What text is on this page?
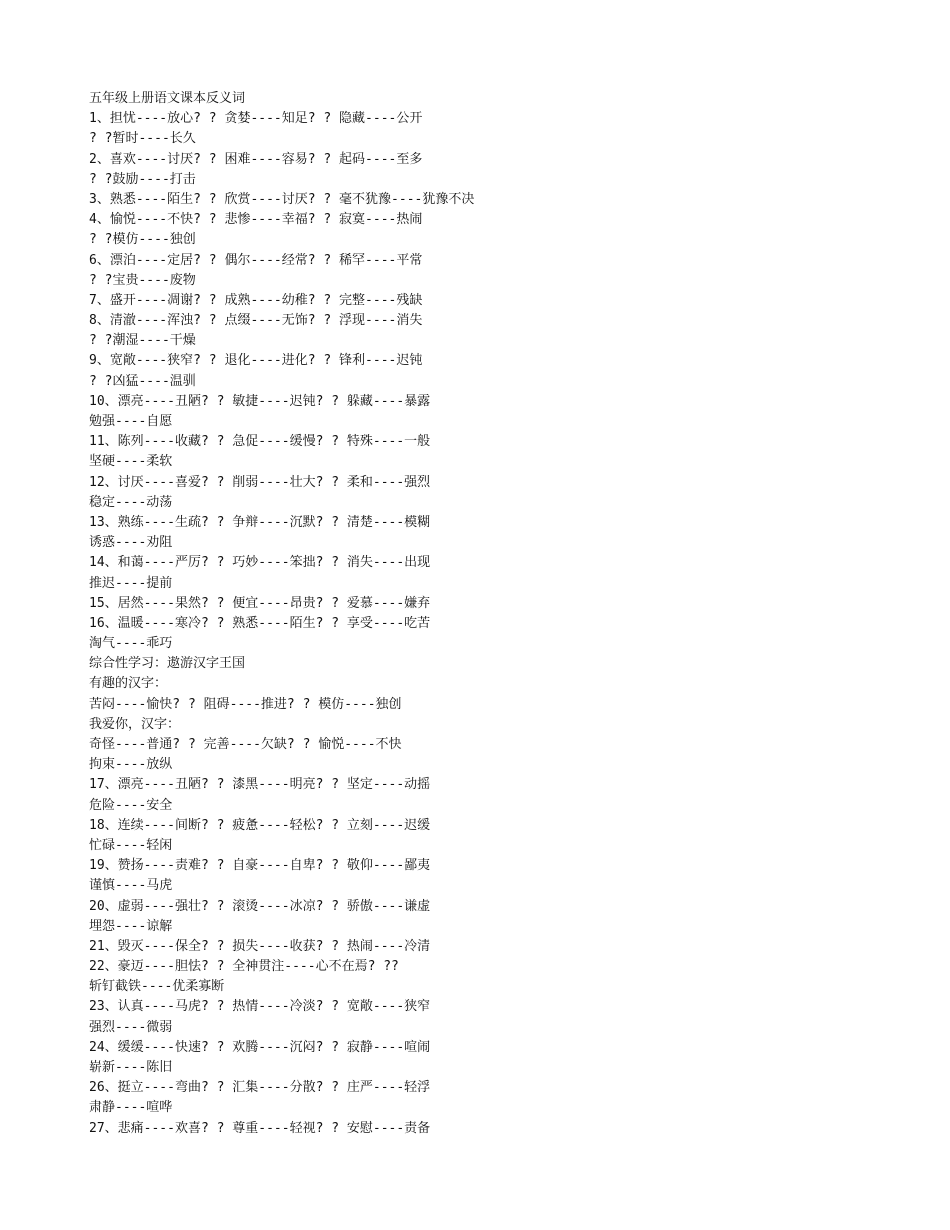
五年级上册语文课本反义词
1、担忧----放心? ? 贪婪----知足? ? 隐藏----公开
? ?暂时----长久
2、喜欢----讨厌? ? 困难----容易? ? 起码----至多
? ?鼓励----打击
3、熟悉----陌生? ? 欣赏----讨厌? ? 毫不犹豫----犹豫不决
4、愉悦----不快? ? 悲惨----幸福? ? 寂寞----热闹
? ?模仿----独创
6、漂泊----定居? ? 偶尔----经常? ? 稀罕----平常
? ?宝贵----废物
7、盛开----凋谢? ? 成熟----幼稚? ? 完整----残缺
8、清澈----浑浊? ? 点缀----无饰? ? 浮现----消失
? ?潮湿----干燥
9、宽敞----狭窄? ? 退化----进化? ? 锋利----迟钝
? ?凶猛----温驯
10、漂亮----丑陋? ? 敏捷----迟钝? ? 躲藏----暴露
勉强----自愿
11、陈列----收藏? ? 急促----缓慢? ? 特殊----一般
坚硬----柔软
12、讨厌----喜爱? ? 削弱----壮大? ? 柔和----强烈
稳定----动荡
13、熟练----生疏? ? 争辩----沉默? ? 清楚----模糊
诱惑----劝阻
14、和蔼----严厉? ? 巧妙----笨拙? ? 消失----出现
推迟----提前
15、居然----果然? ? 便宜----昂贵? ? 爱慕----嫌弃
16、温暖----寒冷? ? 熟悉----陌生? ? 享受----吃苦
淘气----乖巧
综合性学习：遨游汉字王国
有趣的汉字：
苦闷----愉快? ? 阻碍----推进? ? 模仿----独创
我爱你，汉字：
奇怪----普通? ? 完善----欠缺? ? 愉悦----不快
拘束----放纵
17、漂亮----丑陋? ? 漆黑----明亮? ? 坚定----动摇
危险----安全
18、连续----间断? ? 疲惫----轻松? ? 立刻----迟缓
忙碌----轻闲
19、赞扬----责难? ? 自豪----自卑? ? 敬仰----鄙夷
谨慎----马虎
20、虚弱----强壮? ? 滚烫----冰凉? ? 骄傲----谦虚
埋怨----谅解
21、毁灭----保全? ? 损失----收获? ? 热闹----冷清
22、豪迈----胆怯? ? 全神贯注----心不在焉? ??
斩钉截铁----优柔寡断
23、认真----马虎? ? 热情----冷淡? ? 宽敞----狭窄
强烈----微弱
24、缓缓----快速? ? 欢腾----沉闷? ? 寂静----喧闹
崭新----陈旧
26、挺立----弯曲? ? 汇集----分散? ? 庄严----轻浮
肃静----喧哗
27、悲痛----欢喜? ? 尊重----轻视? ? 安慰----责备
